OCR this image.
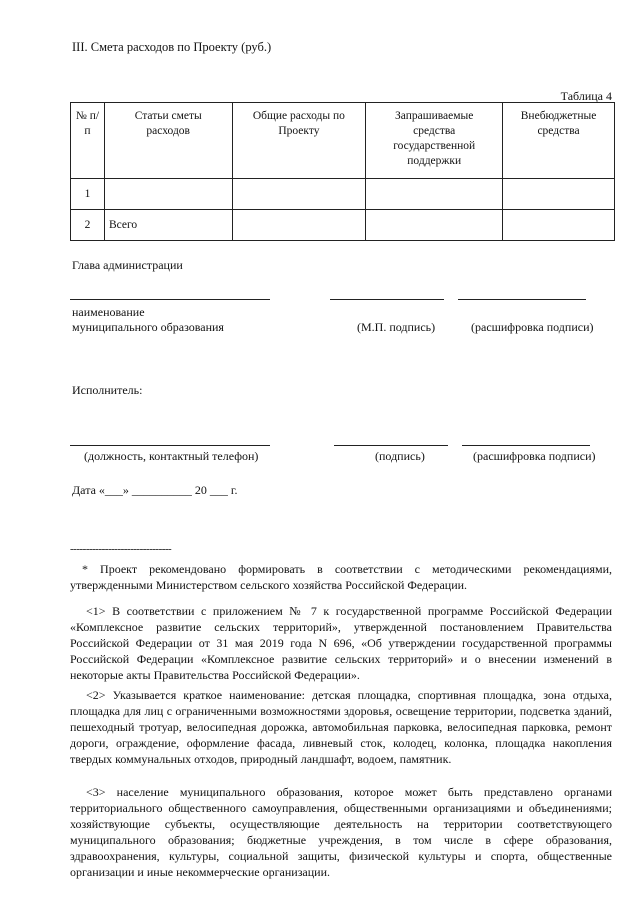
III. Смета расходов по Проекту (руб.)
Таблица 4
№ п/п	Статьи сметы расходов	Общие расходы по Проекту	Запрашиваемые средства государственной поддержки	Внебюджетные средства
1				
2	Всего			
Глава администрации
наименование
муниципального образования	(М.П. подпись)	(расшифровка подписи)
Исполнитель:
(должность, контактный телефон)	(подпись)	(расшифровка подписи)
Дата «___» __________ 20 ___ г.
--------------------------------
* Проект рекомендовано формировать в соответствии с методическими рекомендациями, утвержденными Министерством сельского хозяйства Российской Федерации.
<1> В соответствии с приложением № 7 к государственной программе Российской Федерации «Комплексное развитие сельских территорий», утвержденной постановлением Правительства Российской Федерации от 31 мая 2019 года N 696, «Об утверждении государственной программы Российской Федерации «Комплексное развитие сельских территорий» и о внесении изменений в некоторые акты Правительства Российской Федерации».
<2> Указывается краткое наименование: детская площадка, спортивная площадка, зона отдыха, площадка для лиц с ограниченными возможностями здоровья, освещение территории, подсветка зданий, пешеходный тротуар, велосипедная дорожка, автомобильная парковка, велосипедная парковка, ремонт дороги, ограждение, оформление фасада, ливневый сток, колодец, колонка, площадка накопления твердых коммунальных отходов, природный ландшафт, водоем, памятник.
<3> население муниципального образования, которое может быть представлено органами территориального общественного самоуправления, общественными организациями и объединениями; хозяйствующие субъекты, осуществляющие деятельность на территории соответствующего муниципального образования; бюджетные учреждения, в том числе в сфере образования, здравоохранения, культуры, социальной защиты, физической культуры и спорта, общественные организации и иные некоммерческие организации.
